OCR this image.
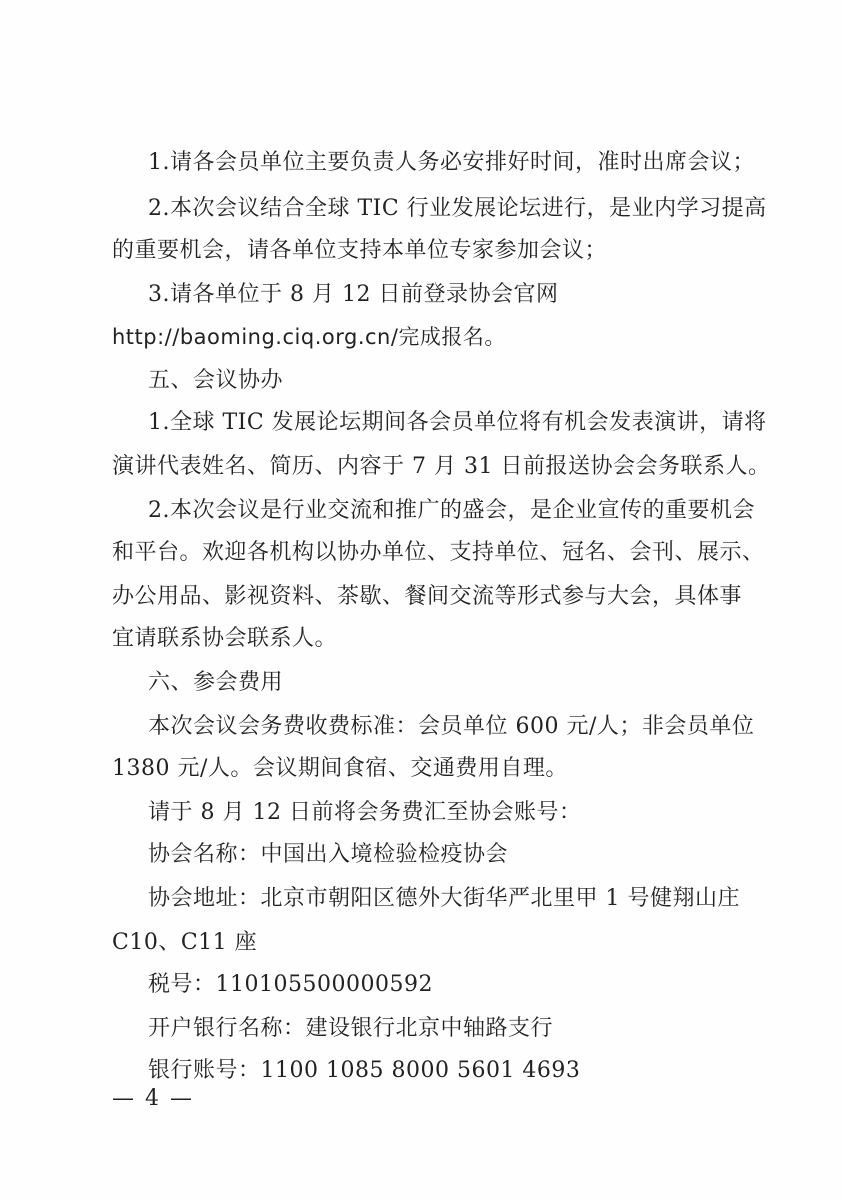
1.请各会员单位主要负责人务必安排好时间，准时出席会议；
2.本次会议结合全球 TIC 行业发展论坛进行，是业内学习提高
的重要机会，请各单位支持本单位专家参加会议；
3.请各单位于 8 月 12 日前登录协会官网
http://baoming.ciq.org.cn/完成报名。
五、会议协办
1.全球 TIC 发展论坛期间各会员单位将有机会发表演讲，请将
演讲代表姓名、简历、内容于 7 月 31 日前报送协会会务联系人。
2.本次会议是行业交流和推广的盛会，是企业宣传的重要机会
和平台。欢迎各机构以协办单位、支持单位、冠名、会刊、展示、
办公用品、影视资料、茶歇、餐间交流等形式参与大会，具体事
宜请联系协会联系人。
六、参会费用
本次会议会务费收费标准：会员单位 600 元/人；非会员单位
1380 元/人。会议期间食宿、交通费用自理。
请于 8 月 12 日前将会务费汇至协会账号：
协会名称：中国出入境检验检疫协会
协会地址：北京市朝阳区德外大街华严北里甲 1 号健翔山庄
C10、C11 座
税号：110105500000592
开户银行名称：建设银行北京中轴路支行
银行账号：1100 1085 8000 5601 4693
— 4 —
